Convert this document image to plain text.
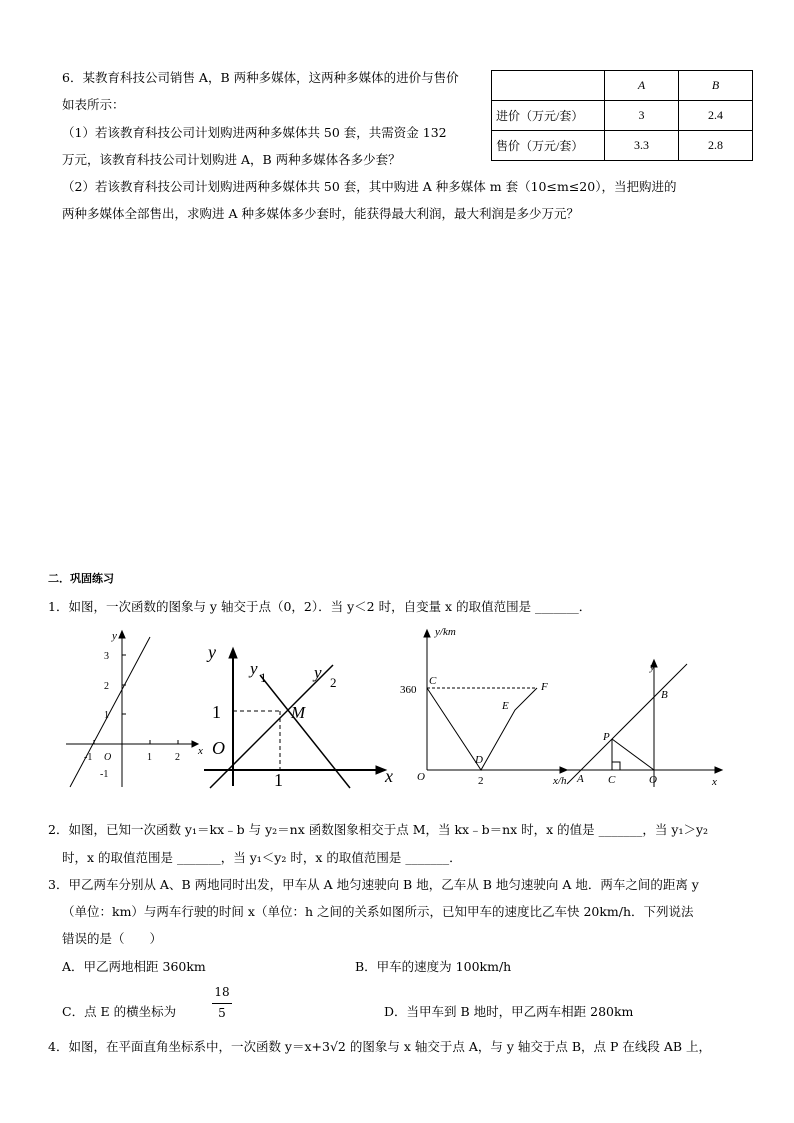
6．某教育科技公司销售 A，B 两种多媒体，这两种多媒体的进价与售价
如表所示：
（1）若该教育科技公司计划购进两种多媒体共 50 套，共需资金 132
万元，该教育科技公司计划购进 A，B 两种多媒体各多少套？
（2）若该教育科技公司计划购进两种多媒体共 50 套，其中购进 A 种多媒体 m 套（10≤m≤20），当把购进的
两种多媒体全部售出，求购进 A 种多媒体多少套时，能获得最大利润，最大利润是多少万元？
	A	B
进价（万元/套）	3	2.4
售价（万元/套）	3.3	2.8
二．巩固练习
1．如图，一次函数的图象与 y 轴交于点（0，2）．当 y＜2 时，自变量 x 的取值范围是 _______．
y
x
3
2
1
-1
1 2
-1 O
y
x
O
y 1	y
2
M
1
1
y/km
x/h
O
360
2
C
D
E
F
y
x
A
B
C	O
P
2．如图，已知一次函数 y₁＝kx﹣b 与 y₂＝nx 函数图象相交于点 M，当 kx﹣b＝nx 时，x 的值是 _______，当 y₁＞y₂
时，x 的取值范围是 _______，当 y₁＜y₂ 时，x 的取值范围是 _______．
3．甲乙两车分别从 A、B 两地同时出发，甲车从 A 地匀速驶向 B 地，乙车从 B 地匀速驶向 A 地．两车之间的距离 y
（单位：km）与两车行驶的时间 x（单位：h 之间的关系如图所示，已知甲车的速度比乙车快 20km/h．下列说法
错误的是（　　）
A．甲乙两地相距 360km	B．甲车的速度为 100km/h
C．点 E 的横坐标为
18
5	D．当甲车到 B 地时，甲乙两车相距 280km
4．如图，在平面直角坐标系中，一次函数 y＝x+3√2 的图象与 x 轴交于点 A，与 y 轴交于点 B，点 P 在线段 AB 上，
